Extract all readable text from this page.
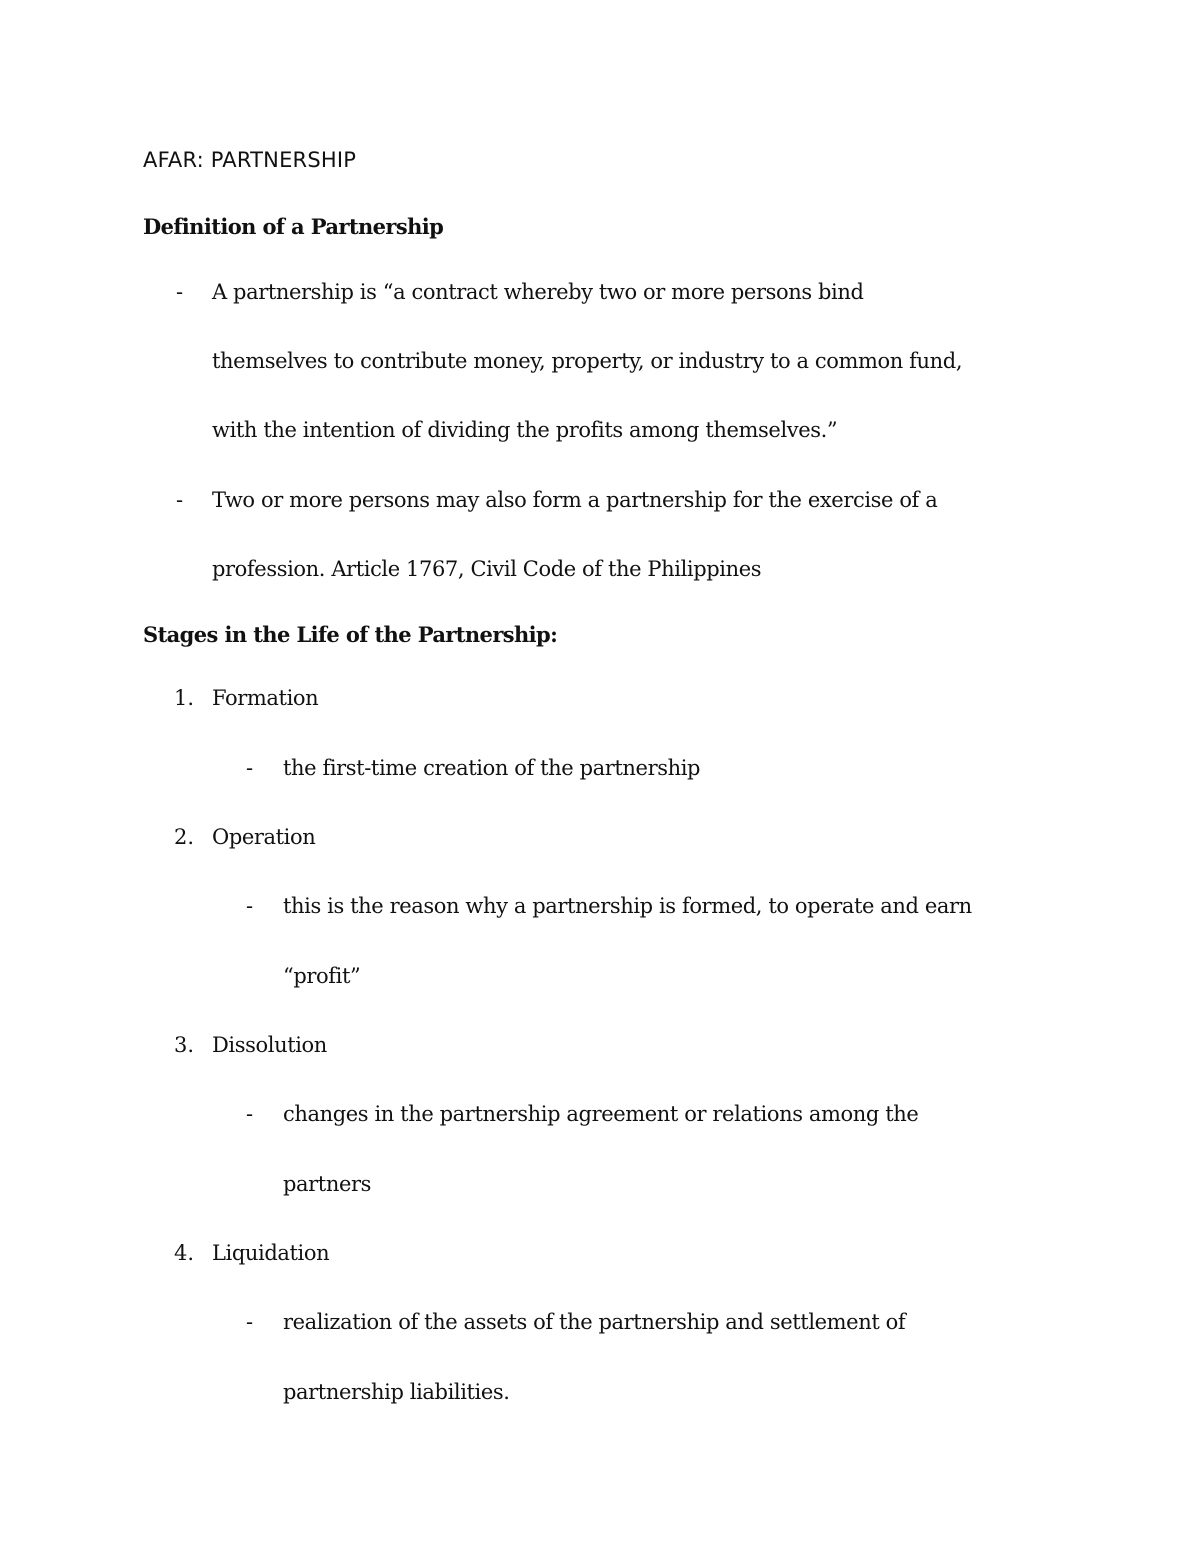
AFAR: PARTNERSHIP
Definition of a Partnership
- A partnership is “a contract whereby two or more persons bind
themselves to contribute money, property, or industry to a common fund,
with the intention of dividing the profits among themselves.”
- Two or more persons may also form a partnership for the exercise of a
profession. Article 1767, Civil Code of the Philippines
Stages in the Life of the Partnership:
1. Formation
- the first-time creation of the partnership
2. Operation
- this is the reason why a partnership is formed, to operate and earn
“profit”
3. Dissolution
- changes in the partnership agreement or relations among the
partners
4. Liquidation
- realization of the assets of the partnership and settlement of
partnership liabilities.
